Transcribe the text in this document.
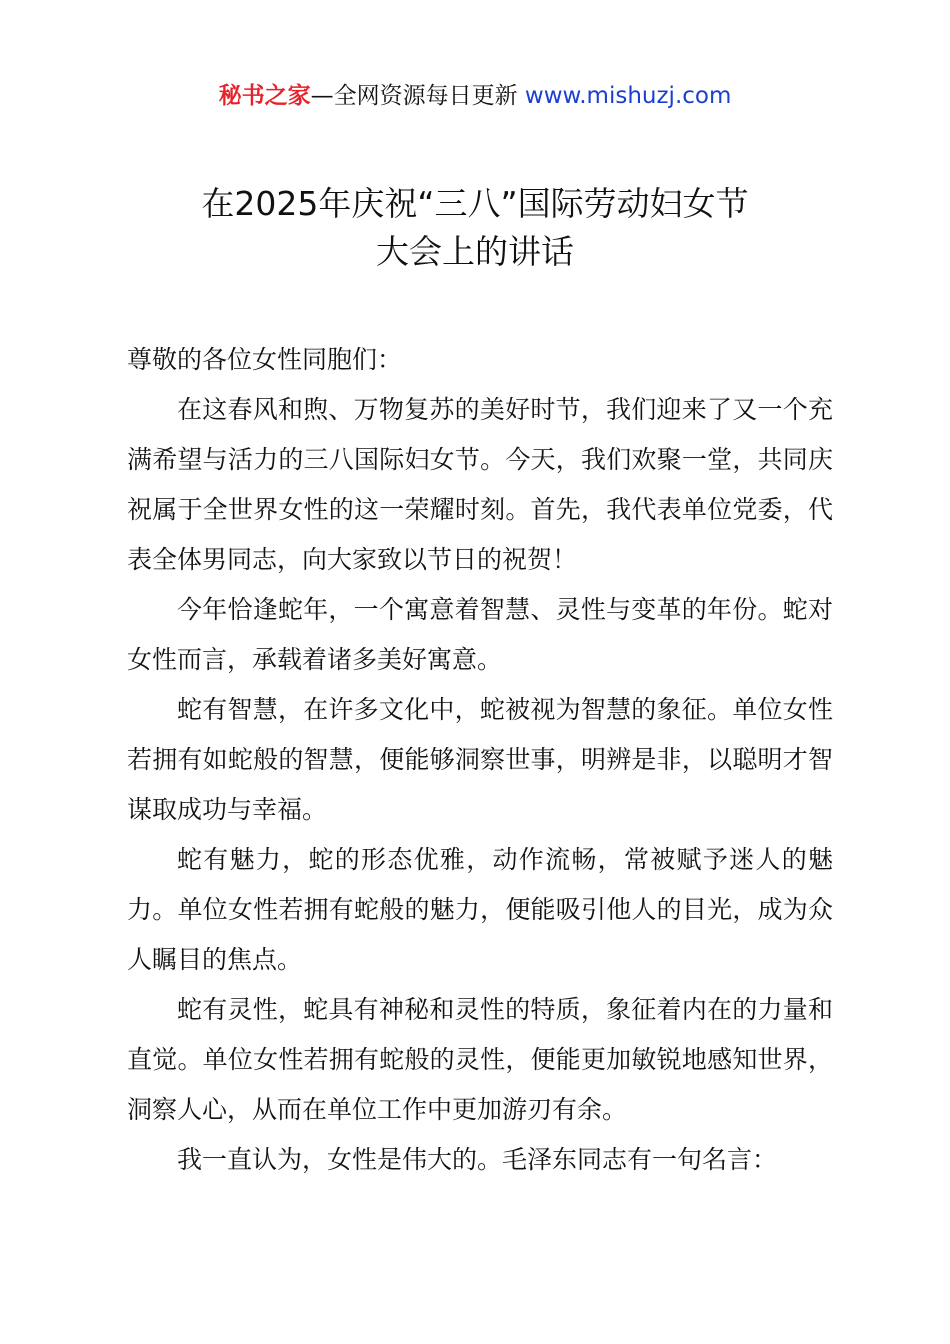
秘书之家—全网资源每日更新 www.mishuzj.com
在2025年庆祝“三八”国际劳动妇女节
大会上的讲话

尊敬的各位女性同胞们：

在这春风和煦、万物复苏的美好时节，我们迎来了又一个充满希望与活力的三八国际妇女节。今天，我们欢聚一堂，共同庆祝属于全世界女性的这一荣耀时刻。首先，我代表单位党委，代表全体男同志，向大家致以节日的祝贺！

今年恰逢蛇年，一个寓意着智慧、灵性与变革的年份。蛇对女性而言，承载着诸多美好寓意。

蛇有智慧，在许多文化中，蛇被视为智慧的象征。单位女性若拥有如蛇般的智慧，便能够洞察世事，明辨是非，以聪明才智谋取成功与幸福。

蛇有魅力，蛇的形态优雅，动作流畅，常被赋予迷人的魅力。单位女性若拥有蛇般的魅力，便能吸引他人的目光，成为众人瞩目的焦点。

蛇有灵性，蛇具有神秘和灵性的特质，象征着内在的力量和直觉。单位女性若拥有蛇般的灵性，便能更加敏锐地感知世界，洞察人心，从而在单位工作中更加游刃有余。

我一直认为，女性是伟大的。毛泽东同志有一句名言：
